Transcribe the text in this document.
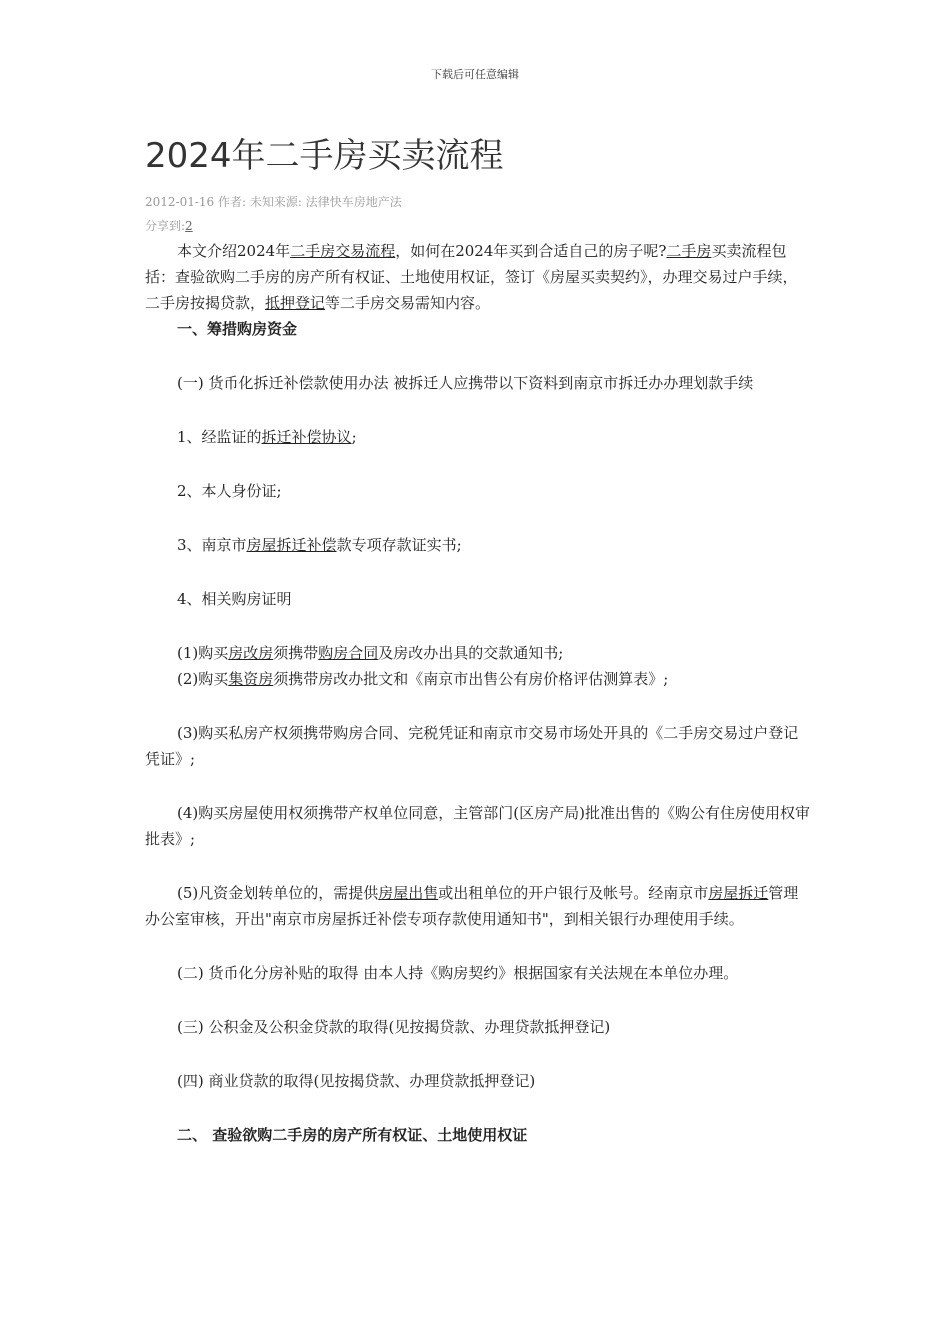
下载后可任意编辑
2024年二手房买卖流程
2012-01-16 作者: 未知来源: 法律快车房地产法
分享到:2

本文介绍2024年二手房交易流程，如何在2024年买到合适自己的房子呢?二手房买卖流程包括：查验欲购二手房的房产所有权证、土地使用权证，签订《房屋买卖契约》，办理交易过户手续，二手房按揭贷款，抵押登记等二手房交易需知内容。

一、筹措购房资金

(一) 货币化拆迁补偿款使用办法 被拆迁人应携带以下资料到南京市拆迁办办理划款手续

1、经监证的拆迁补偿协议;

2、本人身份证;

3、南京市房屋拆迁补偿款专项存款证实书;

4、相关购房证明

(1)购买房改房须携带购房合同及房改办出具的交款通知书;

(2)购买集资房须携带房改办批文和《南京市出售公有房价格评估测算表》;

(3)购买私房产权须携带购房合同、完税凭证和南京市交易市场处开具的《二手房交易过户登记凭证》;

(4)购买房屋使用权须携带产权单位同意，主管部门(区房产局)批准出售的《购公有住房使用权审批表》;

(5)凡资金划转单位的，需提供房屋出售或出租单位的开户银行及帐号。经南京市房屋拆迁管理办公室审核，开出"南京市房屋拆迁补偿专项存款使用通知书"，到相关银行办理使用手续。

(二) 货币化分房补贴的取得 由本人持《购房契约》根据国家有关法规在本单位办理。

(三) 公积金及公积金贷款的取得(见按揭贷款、办理贷款抵押登记)

(四) 商业贷款的取得(见按揭贷款、办理贷款抵押登记)

二、 查验欲购二手房的房产所有权证、土地使用权证
